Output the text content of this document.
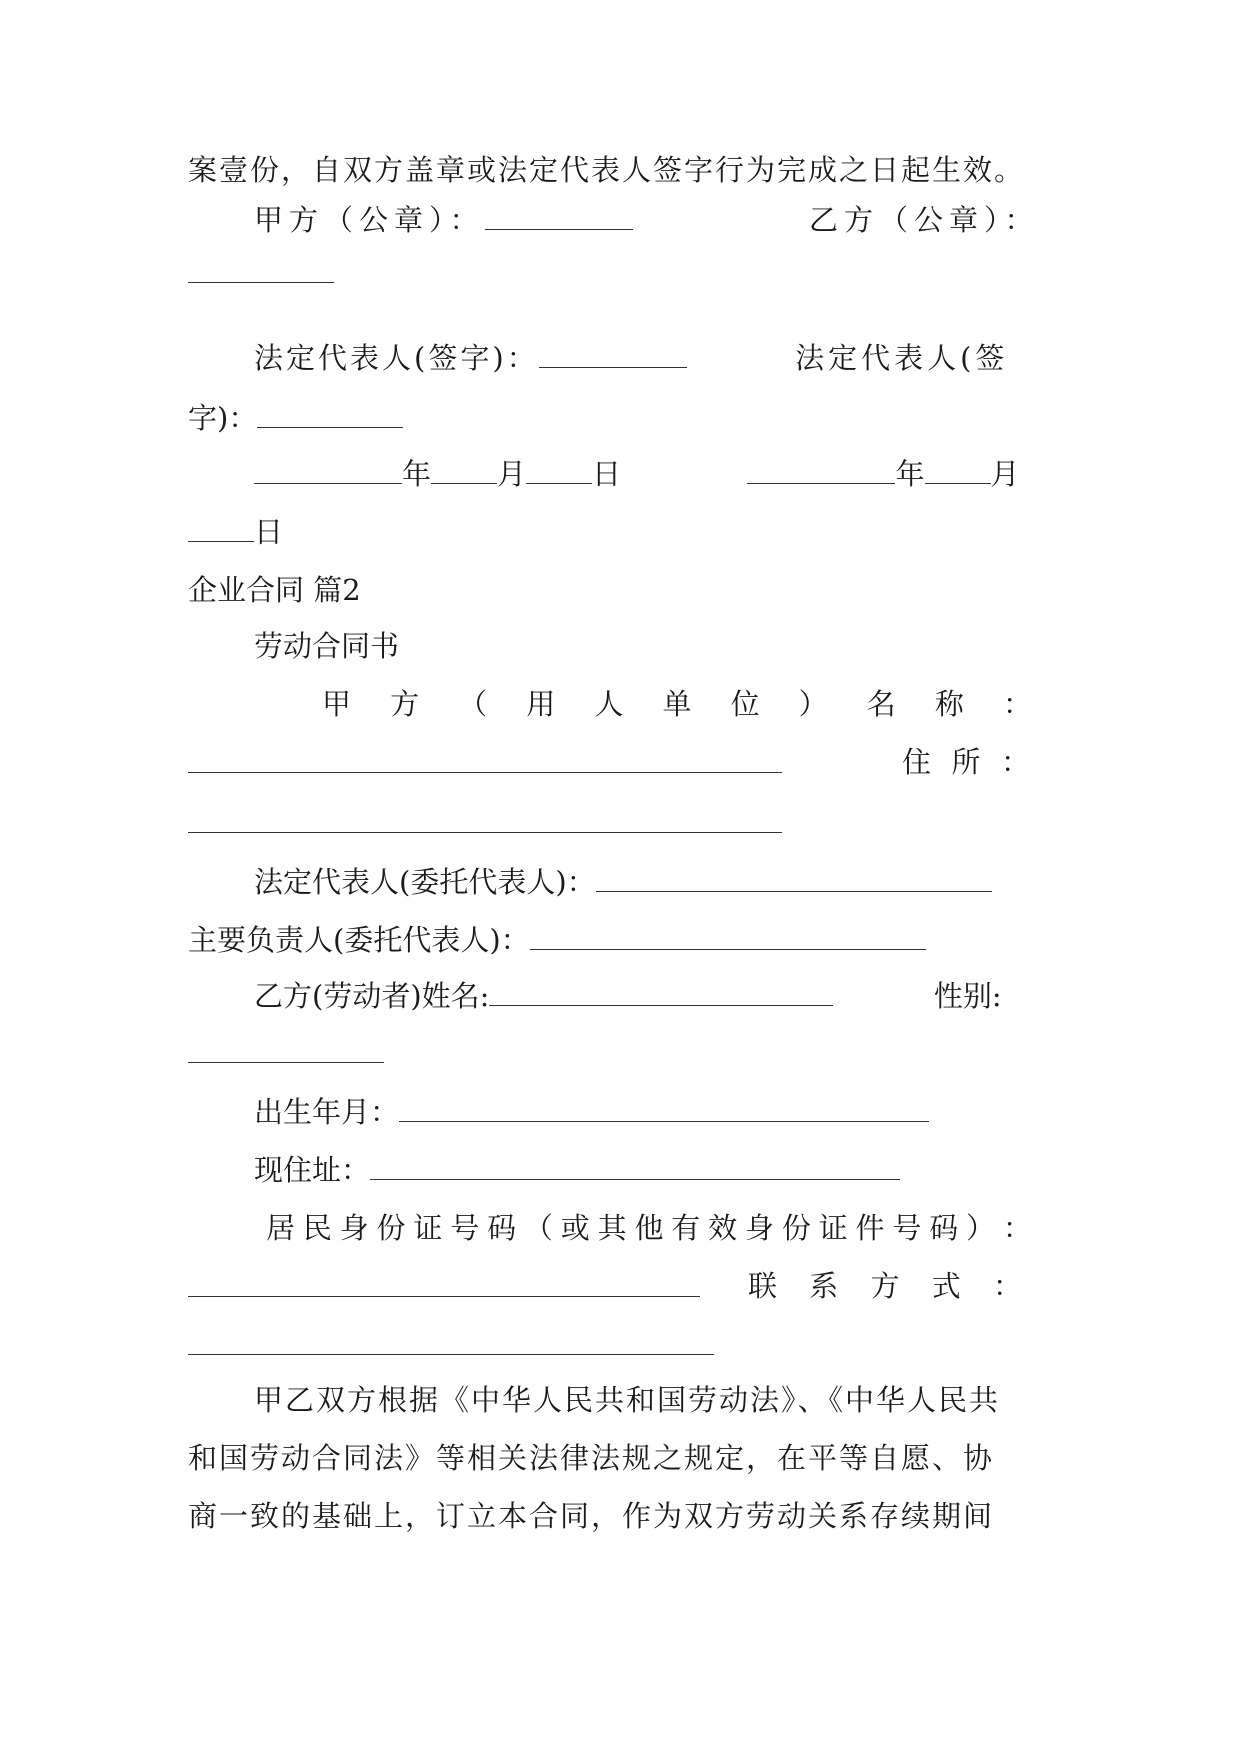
案壹份，自双方盖章或法定代表人签字行为完成之日起生效。
甲方（公章）：	乙方（公章）：
法定代表人(签字)：	法定代表人(签
字)：
年 月 日	年 月
日
企业合同 篇2
劳动合同书
甲 方 （ 用 人 单 位 ） 名 称 ：
住 所 ：
法定代表人(委托代表人)：
主要负责人(委托代表人)：
乙方(劳动者)姓名:	性别:
出生年月：
现住址：
居 民 身 份 证 号 码 （ 或 其 他 有 效 身 份 证 件 号 码 ） ：
联 系 方 式 ：
甲乙双方根据《中华人民共和国劳动法》、《中华人民共
和国劳动合同法》等相关法律法规之规定，在平等自愿、协
商一致的基础上，订立本合同，作为双方劳动关系存续期间
